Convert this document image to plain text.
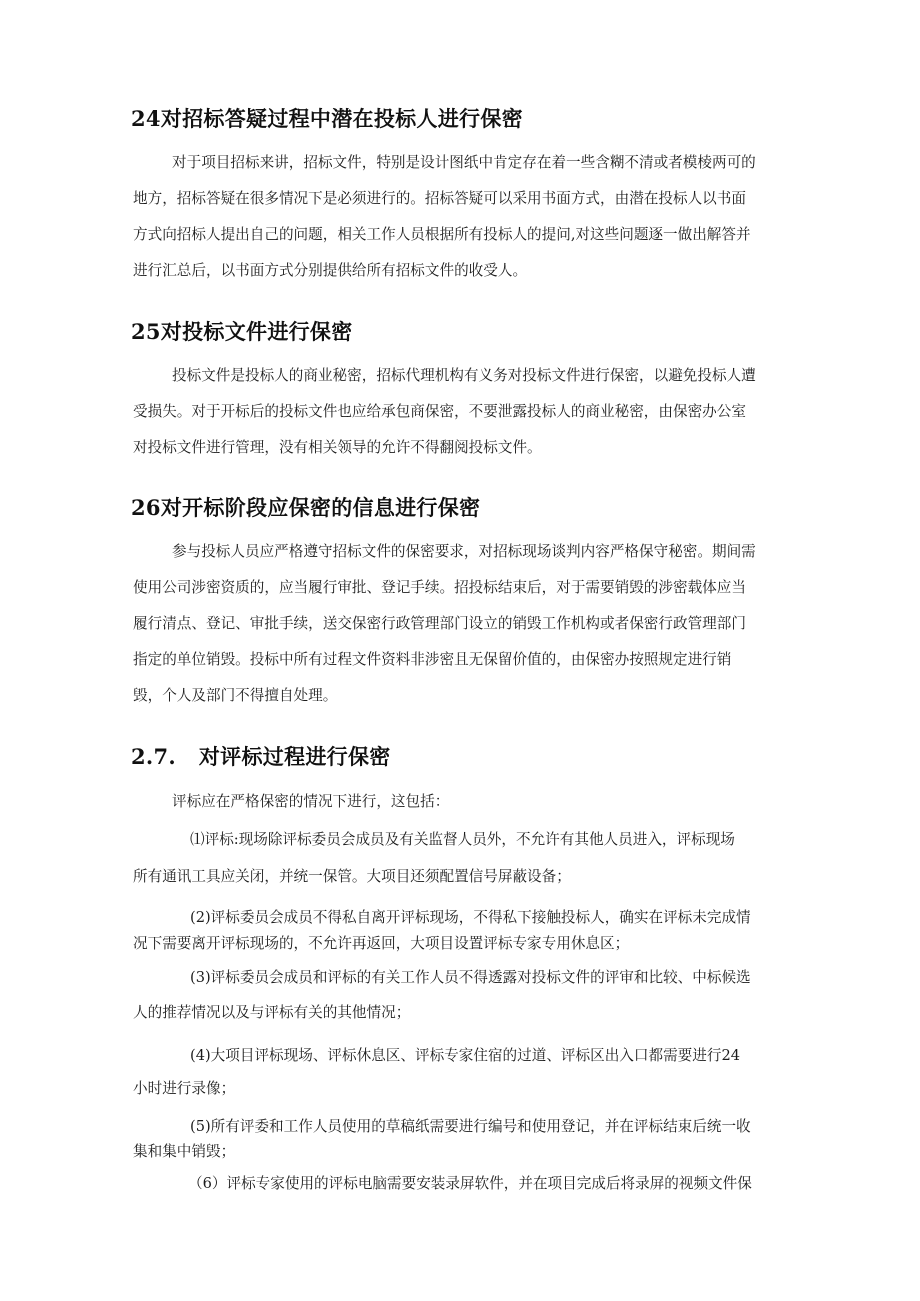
24对招标答疑过程中潜在投标人进行保密

对于项目招标来讲，招标文件，特别是设计图纸中肯定存在着一些含糊不清或者模棱两可的

地方，招标答疑在很多情况下是必须进行的。招标答疑可以采用书面方式，由潜在投标人以书面

方式向招标人提出自己的问题，相关工作人员根据所有投标人的提问,对这些问题逐一做出解答并

进行汇总后，以书面方式分别提供给所有招标文件的收受人。

25对投标文件进行保密

投标文件是投标人的商业秘密，招标代理机构有义务对投标文件进行保密，以避免投标人遭

受损失。对于开标后的投标文件也应给承包商保密，不要泄露投标人的商业秘密，由保密办公室

对投标文件进行管理，没有相关领导的允许不得翻阅投标文件。

26对开标阶段应保密的信息进行保密

参与投标人员应严格遵守招标文件的保密要求，对招标现场谈判内容严格保守秘密。期间需

使用公司涉密资质的，应当履行审批、登记手续。招投标结束后，对于需要销毁的涉密载体应当

履行清点、登记、审批手续，送交保密行政管理部门设立的销毁工作机构或者保密行政管理部门

指定的单位销毁。投标中所有过程文件资料非涉密且无保留价值的，由保密办按照规定进行销

毁，个人及部门不得擅自处理。

2.7.   对评标过程进行保密

评标应在严格保密的情况下进行，这包括：

⑴评标:现场除评标委员会成员及有关监督人员外，不允许有其他人员进入，评标现场

所有通讯工具应关闭，并统一保管。大项目还须配置信号屏蔽设备；

(2)评标委员会成员不得私自离开评标现场，不得私下接触投标人，确实在评标未完成情

况下需要离开评标现场的，不允许再返回，大项目设置评标专家专用休息区；

(3)评标委员会成员和评标的有关工作人员不得透露对投标文件的评审和比较、中标候选

人的推荐情况以及与评标有关的其他情况；

(4)大项目评标现场、评标休息区、评标专家住宿的过道、评标区出入口都需要进行24

小时进行录像；

(5)所有评委和工作人员使用的草稿纸需要进行编号和使用登记，并在评标结束后统一收

集和集中销毁；

（6）评标专家使用的评标电脑需要安装录屏软件，并在项目完成后将录屏的视频文件保
